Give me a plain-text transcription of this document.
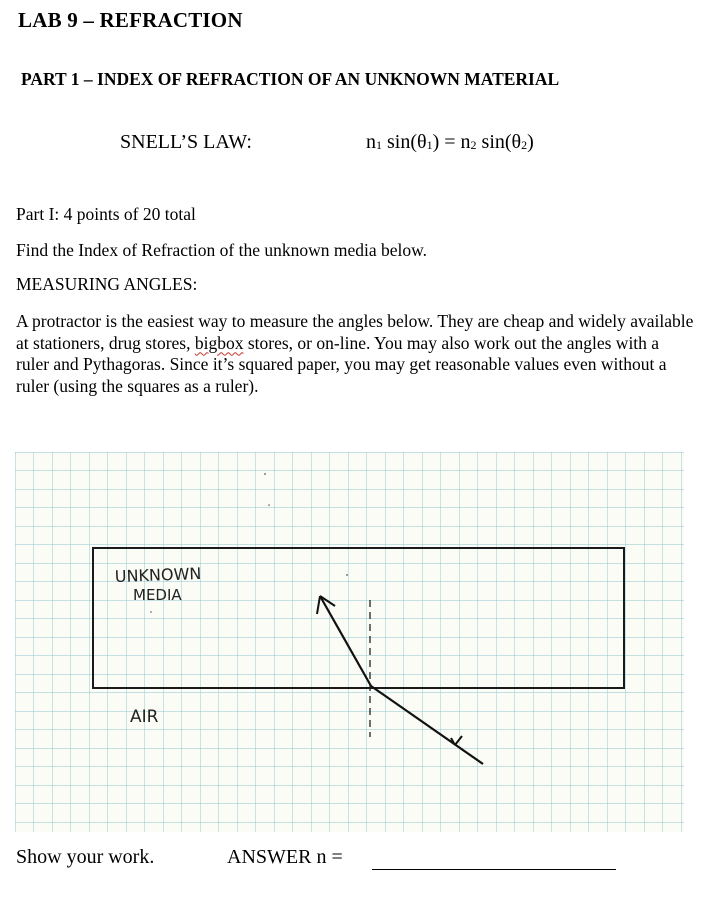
LAB 9 – REFRACTION
PART 1 – INDEX OF REFRACTION OF AN UNKNOWN MATERIAL
SNELL’S LAW:	$n_1$ $\sin(\theta_1) = n_2$ $\sin(\theta_2)$
Part I: 4 points of 20 total
Find the Index of Refraction of the unknown media below.
MEASURING ANGLES:
A protractor is the easiest way to measure the angles below. They are cheap and widely available at stationers, drug stores, bigbox stores, or on-line. You may also work out the angles with a ruler and Pythagoras. Since it’s squared paper, you may get reasonable values even without a ruler (using the squares as a ruler).
UNKNOWN
MEDIA
AIR
Show your work.	ANSWER n =
